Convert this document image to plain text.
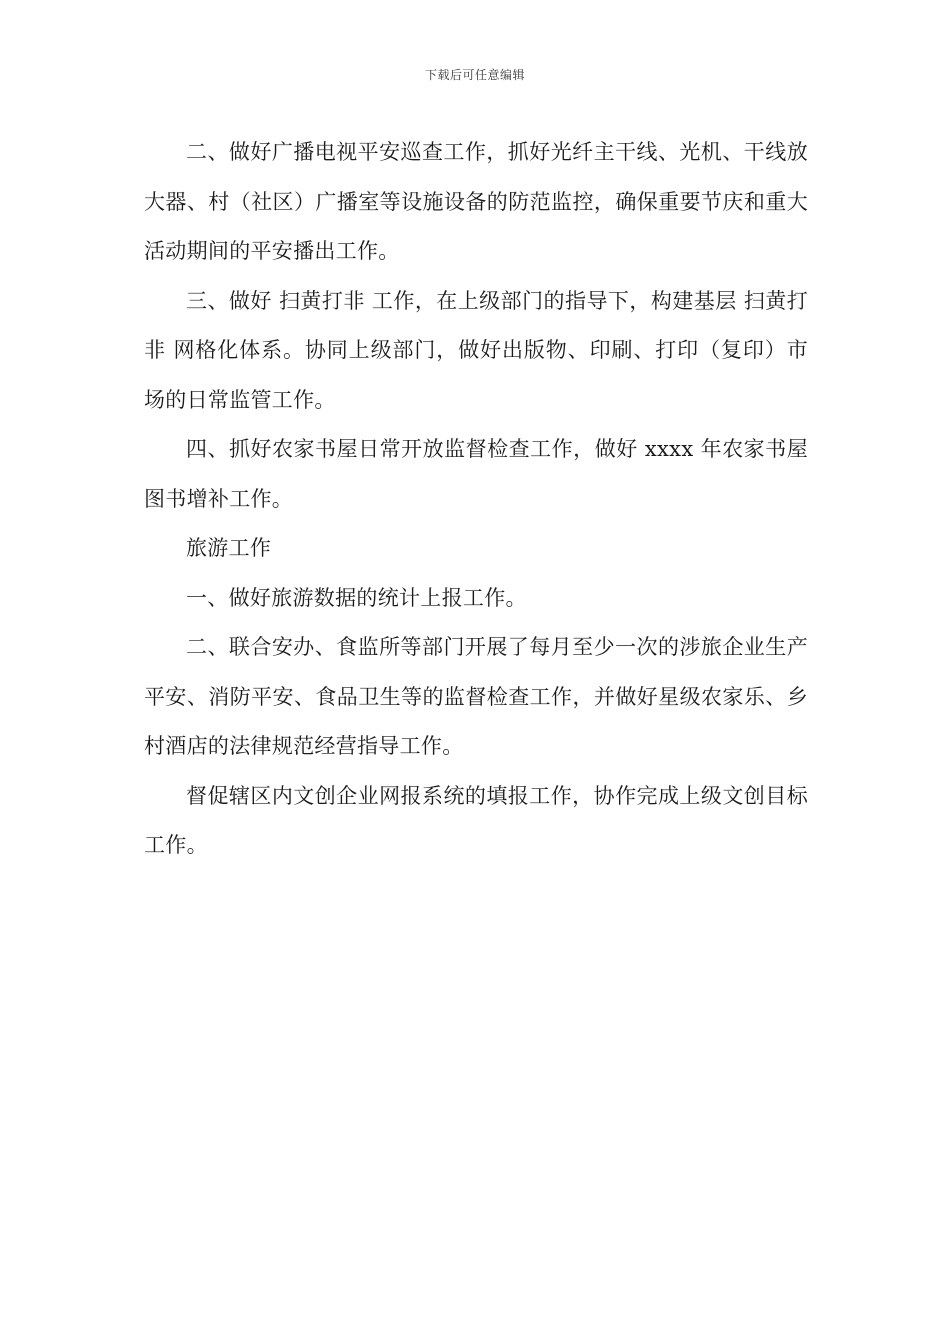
下载后可任意编辑

二、做好广播电视平安巡查工作，抓好光纤主干线、光机、干线放大器、村（社区）广播室等设施设备的防范监控，确保重要节庆和重大活动期间的平安播出工作。

三、做好 扫黄打非 工作，在上级部门的指导下，构建基层 扫黄打非 网格化体系。协同上级部门，做好出版物、印刷、打印（复印）市场的日常监管工作。

四、抓好农家书屋日常开放监督检查工作，做好 xxxx 年农家书屋图书增补工作。

旅游工作

一、做好旅游数据的统计上报工作。

二、联合安办、食监所等部门开展了每月至少一次的涉旅企业生产平安、消防平安、食品卫生等的监督检查工作，并做好星级农家乐、乡村酒店的法律规范经营指导工作。

督促辖区内文创企业网报系统的填报工作，协作完成上级文创目标工作。
